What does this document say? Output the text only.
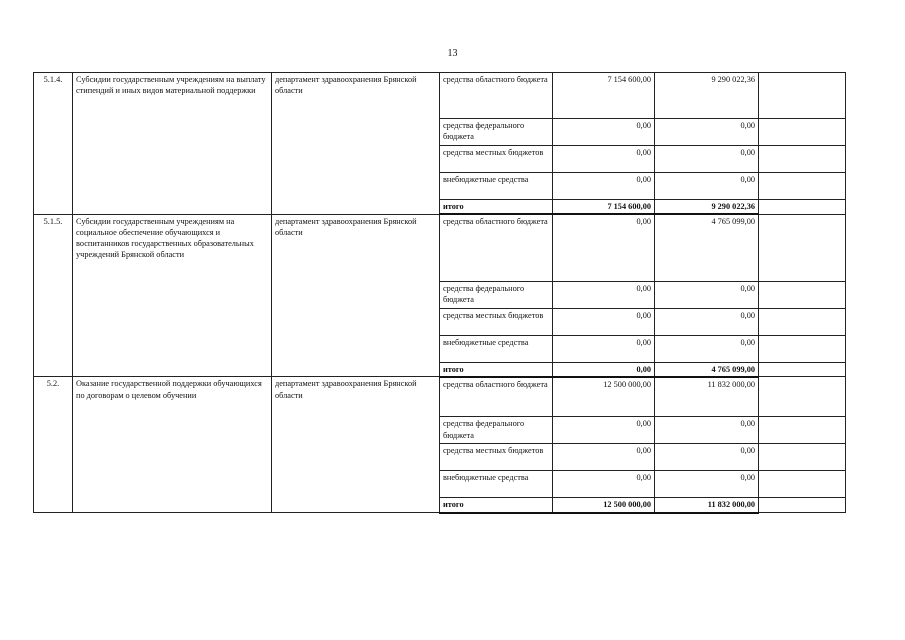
13
5.1.4.	Субсидии государственным учреждениям на выплату стипендий и иных видов материальной поддержки	департамент здравоохранения Брянской области	средства областного бюджета	7 154 600,00	9 290 022,36	
			средства федерального бюджета	0,00	0,00	
			средства местных бюджетов	0,00	0,00	
			внебюджетные средства	0,00	0,00	
			итого	7 154 600,00	9 290 022,36	
5.1.5.	Субсидии государственным учреждениям на социальное обеспечение обучающихся и воспитанников государственных образовательных учреждений Брянской области	департамент здравоохранения Брянской области	средства областного бюджета	0,00	4 765 099,00	
			средства федерального бюджета	0,00	0,00	
			средства местных бюджетов	0,00	0,00	
			внебюджетные средства	0,00	0,00	
			итого	0,00	4 765 099,00	
5.2.	Оказание государственной поддержки обучающихся по договорам о целевом обучении	департамент здравоохранения Брянской области	средства областного бюджета	12 500 000,00	11 832 000,00	
			средства федерального бюджета	0,00	0,00	
			средства местных бюджетов	0,00	0,00	
			внебюджетные средства	0,00	0,00	
			итого	12 500 000,00	11 832 000,00	
